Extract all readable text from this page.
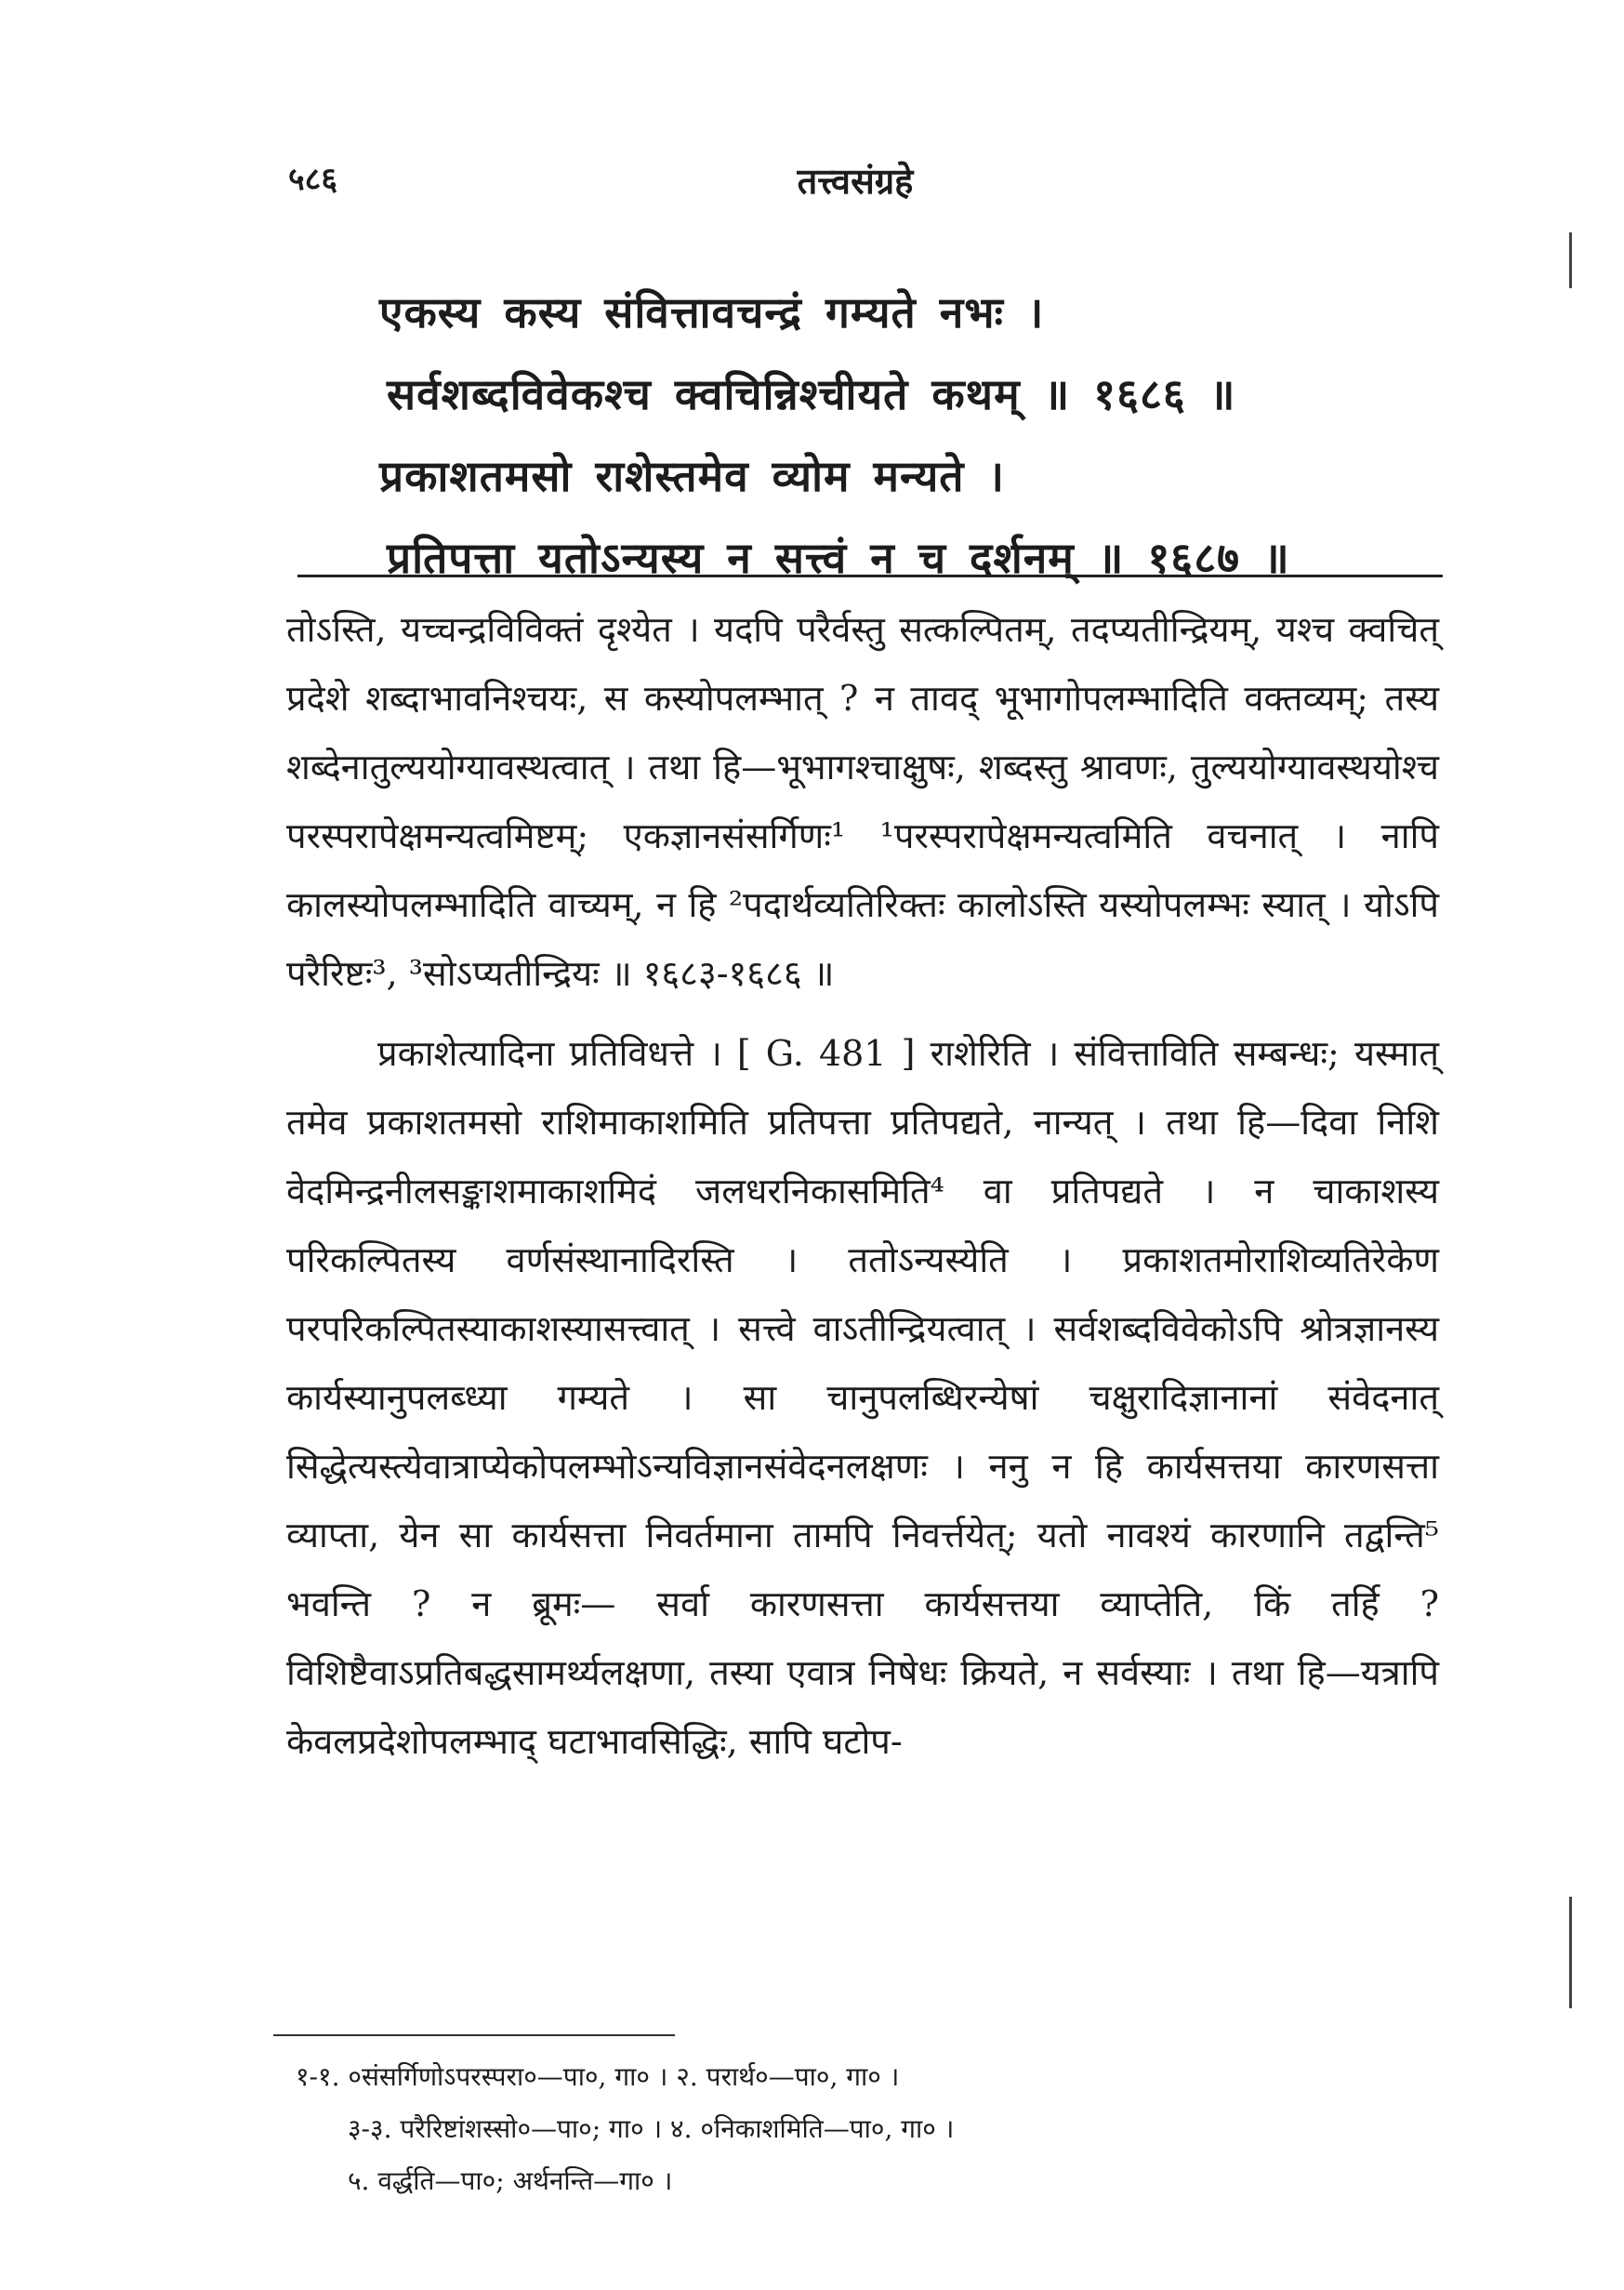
५८६	तत्त्वसंग्रहे
एकस्य कस्य संवित्तावचन्द्रं गम्यते नभः ।
सर्वशब्दविवेकश्च क्वचिन्निश्चीयते कथम् ॥ १६८६ ॥
प्रकाशतमसो राशेस्तमेव व्योम मन्यते ।
प्रतिपत्ता यतोऽन्यस्य न सत्त्वं न च दर्शनम् ॥ १६८७ ॥

तोऽस्ति, यच्चन्द्रविविक्तं दृश्येत । यदपि परैर्वस्तु सत्कल्पितम्, तदप्यतीन्द्रियम्, यश्च क्वचित् प्रदेशे शब्दाभावनिश्चयः, स कस्योपलम्भात् ? न तावद् भूभागोपलम्भादिति वक्तव्यम्; तस्य शब्देनातुल्ययोग्यावस्थत्वात् । तथा हि—भूभागश्चाक्षुषः, शब्दस्तु श्रावणः, तुल्ययोग्यावस्थयोश्च परस्परापेक्षमन्यत्वमिष्टम्; एकज्ञानसंसर्गिणः¹ ¹परस्परापेक्षमन्यत्वमिति वचनात् । नापि कालस्योपलम्भादिति वाच्यम्, न हि ²पदार्थव्यतिरिक्तः कालोऽस्ति यस्योपलम्भः स्यात् । योऽपि परैरिष्टः³, ³सोऽप्यतीन्द्रियः ॥ १६८३-१६८६ ॥

प्रकाशेत्यादिना प्रतिविधत्ते । [ G. 481 ] राशेरिति । संवित्ताविति सम्बन्धः; यस्मात् तमेव प्रकाशतमसो राशिमाकाशमिति प्रतिपत्ता प्रतिपद्यते, नान्यत् । तथा हि—दिवा निशि वेदमिन्द्रनीलसङ्काशमाकाशमिदं जलधरनिकासमिति⁴ वा प्रतिपद्यते । न चाकाशस्य परिकल्पितस्य वर्णसंस्थानादिरस्ति । ततोऽन्यस्येति । प्रकाशतमोराशिव्यतिरेकेण परपरिकल्पितस्याकाशस्यासत्त्वात् । सत्त्वे वाऽतीन्द्रियत्वात् । सर्वशब्दविवेकोऽपि श्रोत्रज्ञानस्य कार्यस्यानुपलब्ध्या गम्यते । सा चानुपलब्धिरन्येषां चक्षुरादिज्ञानानां संवेदनात् सिद्धेत्यस्त्येवात्राप्येकोपलम्भोऽन्यविज्ञानसंवेदनलक्षणः । ननु न हि कार्यसत्तया कारणसत्ता व्याप्ता, येन सा कार्यसत्ता निवर्तमाना तामपि निवर्त्तयेत्; यतो नावश्यं कारणानि तद्वन्ति⁵ भवन्ति ? न ब्रूमः— सर्वा कारणसत्ता कार्यसत्तया व्याप्तेति, किं तर्हि ? विशिष्टैवाऽप्रतिबद्धसामर्थ्यलक्षणा, तस्या एवात्र निषेधः क्रियते, न सर्वस्याः । तथा हि—यत्रापि केवलप्रदेशोपलम्भाद् घटाभावसिद्धिः, सापि घटोप-

१-१. ०संसर्गिणोऽपरस्परा०—पा०, गा० । २. परार्थ०—पा०, गा० ।
३-३. परैरिष्टांशस्सो०—पा०; गा० । ४. ०निकाशमिति—पा०, गा० ।
५. वर्द्धति—पा०; अर्थनन्ति—गा० ।
